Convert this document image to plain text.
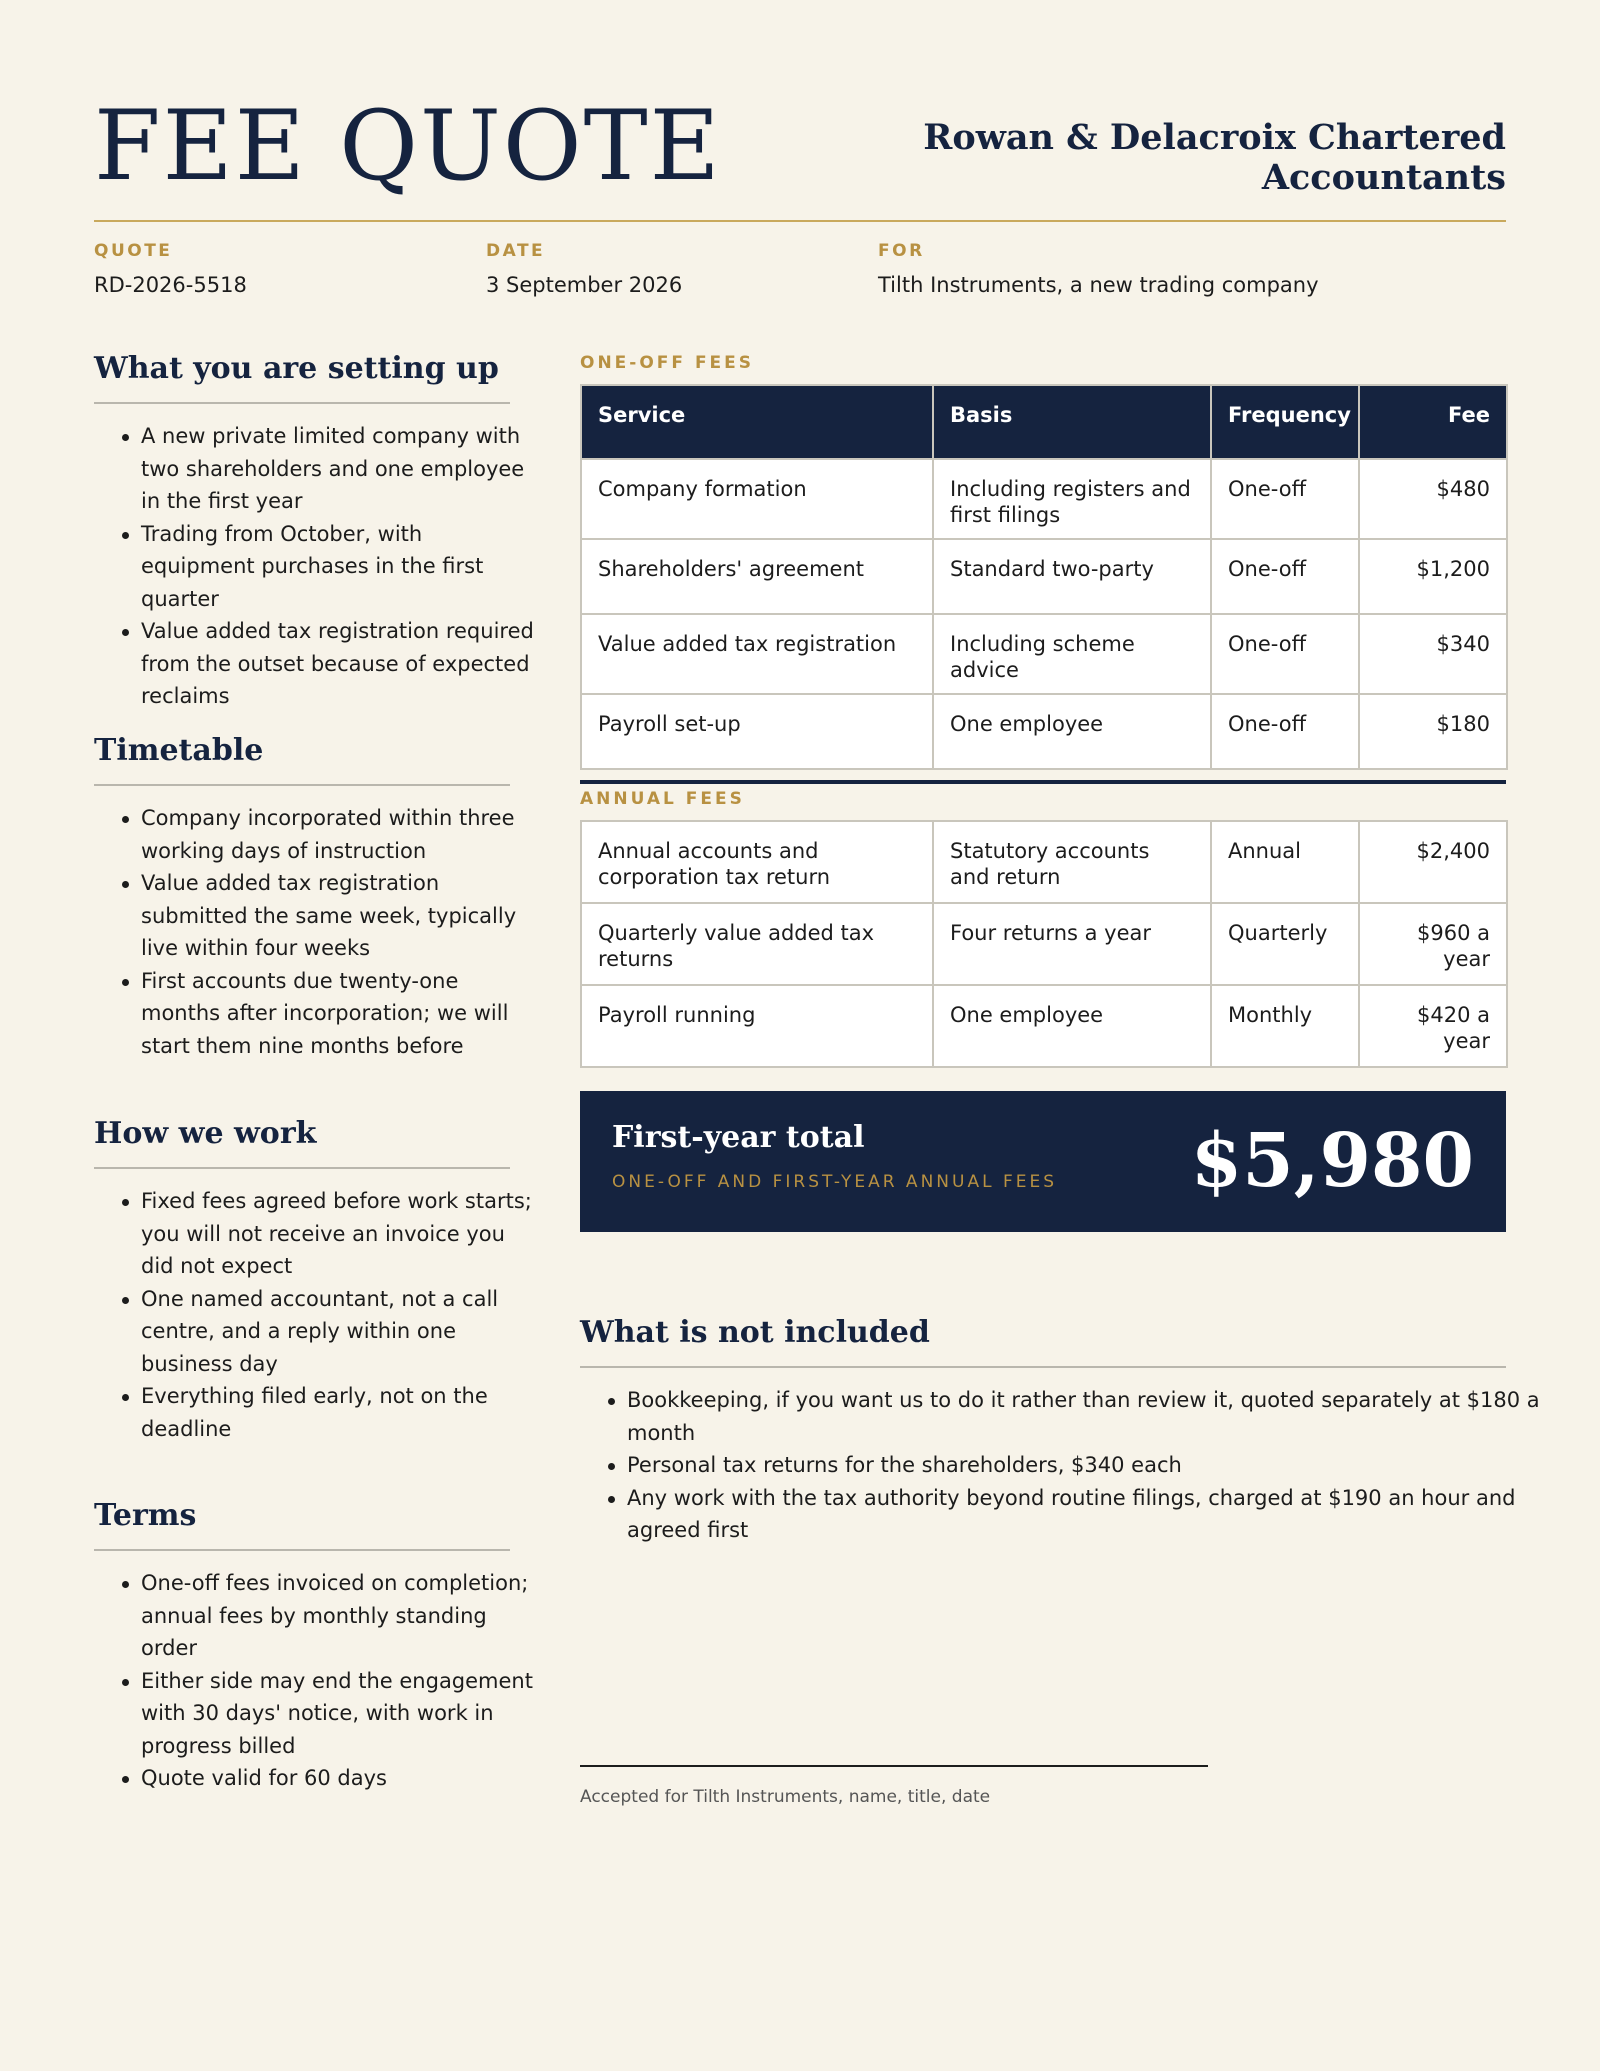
FEE QUOTE	Rowan & Delacroix Chartered Accountants
QUOTE
RD-2026-5518
DATE
3 September 2026
FOR
Tilth Instruments, a new trading company
What you are setting up
A new private limited company with two shareholders and one employee in the first year
Trading from October, with equipment purchases in the first quarter
Value added tax registration required from the outset because of expected reclaims
Timetable
Company incorporated within three working days of instruction
Value added tax registration submitted the same week, typically live within four weeks
First accounts due twenty-one months after incorporation; we will start them nine months before
How we work
Fixed fees agreed before work starts; you will not receive an invoice you did not expect
One named accountant, not a call centre, and a reply within one business day
Everything filed early, not on the deadline
Terms
One-off fees invoiced on completion; annual fees by monthly standing order
Either side may end the engagement with 30 days' notice, with work in progress billed
Quote valid for 60 days
ONE-OFF FEES
Service	Basis	Frequency	Fee
Company formation	Including registers and first filings	One-off	$480
Shareholders' agreement	Standard two-party	One-off	$1,200
Value added tax registration	Including scheme advice	One-off	$340
Payroll set-up	One employee	One-off	$180
ANNUAL FEES
Annual accounts and corporation tax return	Statutory accounts and return	Annual	$2,400
Quarterly value added tax returns	Four returns a year	Quarterly	$960 a year
Payroll running	One employee	Monthly	$420 a year
First-year total
ONE-OFF AND FIRST-YEAR ANNUAL FEES $5,980
What is not included
Bookkeeping, if you want us to do it rather than review it, quoted separately at $180 a month
Personal tax returns for the shareholders, $340 each
Any work with the tax authority beyond routine filings, charged at $190 an hour and agreed first
Accepted for Tilth Instruments, name, title, date
